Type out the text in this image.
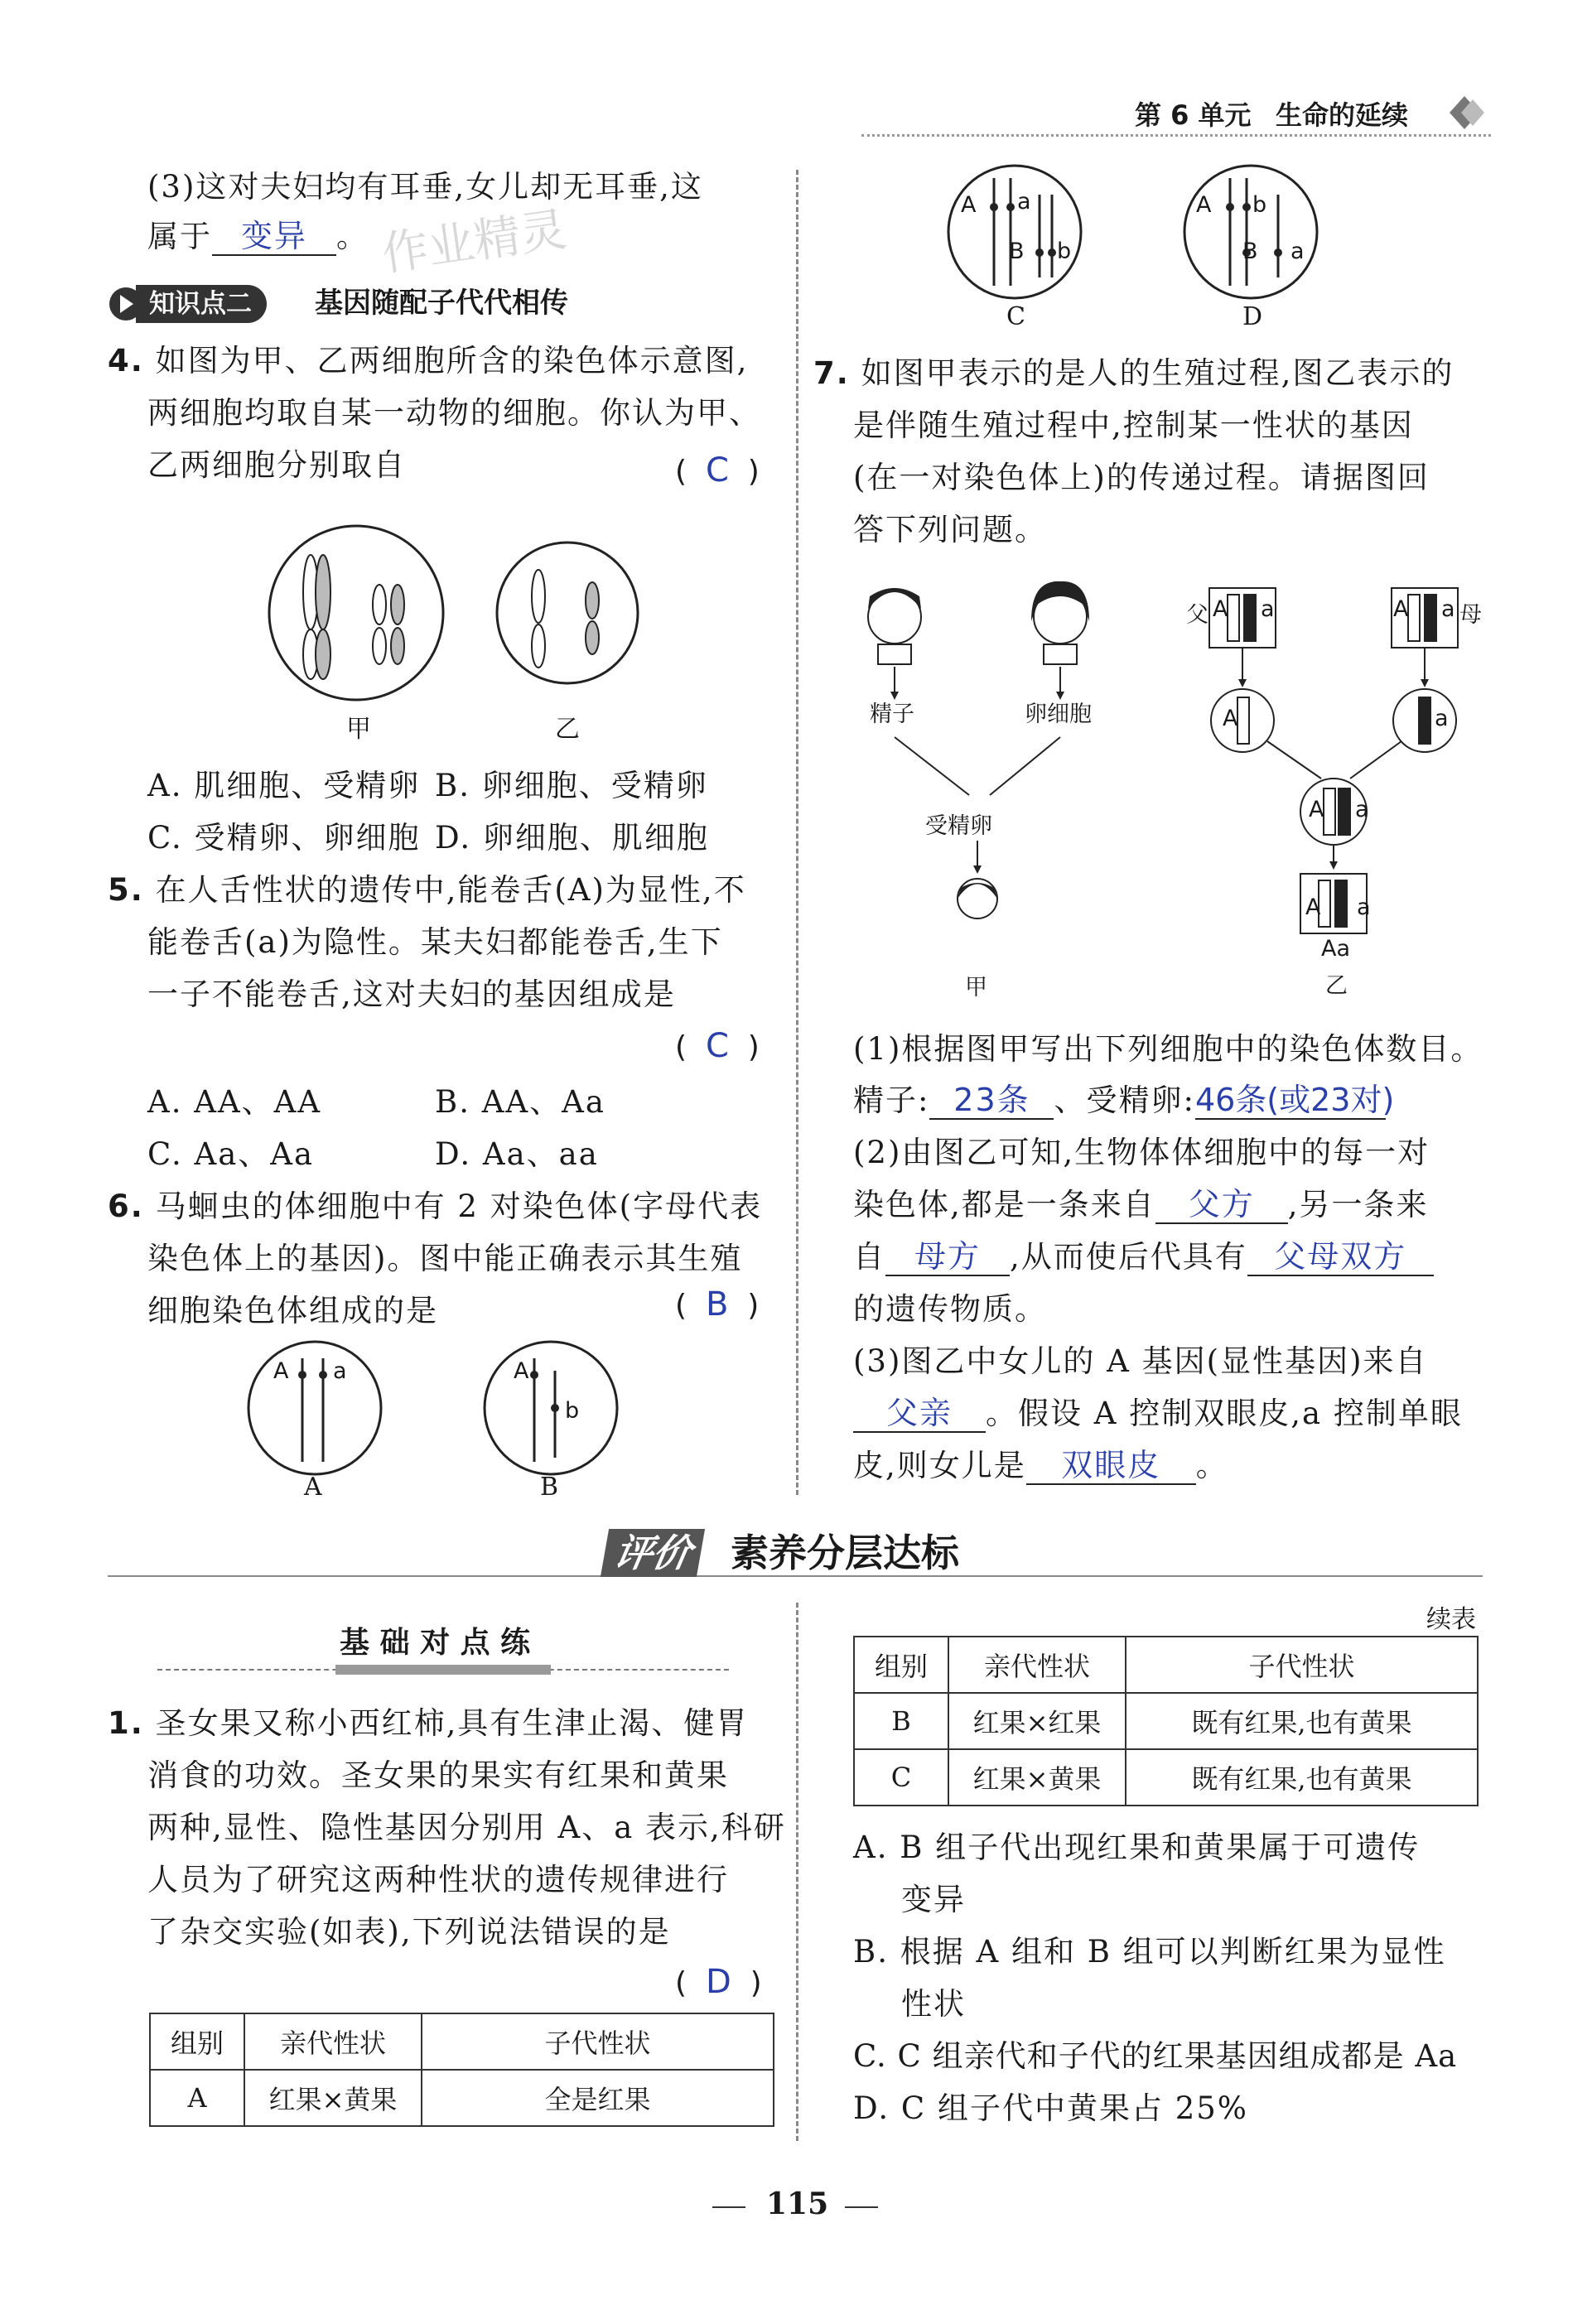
第 6 单元 生命的延续
(3)这对夫妇均有耳垂,女儿却无耳垂,这
属于 变异 。 作业精灵
知识点二	基因随配子代代相传
4. 如图为甲、乙两细胞所含的染色体示意图,
两细胞均取自某一动物的细胞。你认为甲、
乙两细胞分别取自	(  C  )
甲	乙
A. 肌细胞、受精卵 B. 卵细胞、受精卵
C. 受精卵、卵细胞 D. 卵细胞、肌细胞
5. 在人舌性状的遗传中,能卷舌(A)为显性,不
能卷舌(a)为隐性。某夫妇都能卷舌,生下
一子不能卷舌,这对夫妇的基因组成是
(  C  )
A. AA、AA	B. AA、Aa
C. Aa、Aa	D. Aa、aa
6. 马蛔虫的体细胞中有 2 对染色体(字母代表
染色体上的基因)。图中能正确表示其生殖
细胞染色体组成的是	(  B  )
A a
A
A
b
B
A a
B b
C
A b
B a
D
7. 如图甲表示的是人的生殖过程,图乙表示的
是伴随生殖过程中,控制某一性状的基因
(在一对染色体上)的传递过程。请据图回
答下列问题。
精子	卵细胞
受精卵
甲
父	母
A a	A a
A	a
A a
A a
Aa
乙
(1)根据图甲写出下列细胞中的染色体数目。
精子: 23条 、受精卵:46条(或23对)
(2)由图乙可知,生物体体细胞中的每一对
染色体,都是一条来自 父方 ,另一条来
自 母方 ,从而使后代具有 父母双方
的遗传物质。
(3)图乙中女儿的 A 基因(显性基因)来自
父亲 。假设 A 控制双眼皮,a 控制单眼
皮,则女儿是 双眼皮 。
评价 素养分层达标
基 础 对 点 练
1. 圣女果又称小西红柿,具有生津止渴、健胃
消食的功效。圣女果的果实有红果和黄果
两种,显性、隐性基因分别用 A、a 表示,科研
人员为了研究这两种性状的遗传规律进行
了杂交实验(如表),下列说法错误的是
(  D  )
组别	亲代性状	子代性状
A	红果×黄果	全是红果
续表
组别	亲代性状	子代性状
B	红果×红果	既有红果,也有黄果
C	红果×黄果	既有红果,也有黄果
A. B 组子代出现红果和黄果属于可遗传
变异
B. 根据 A 组和 B 组可以判断红果为显性
性状
C. C 组亲代和子代的红果基因组成都是 Aa
D. C 组子代中黄果占 25%
115
